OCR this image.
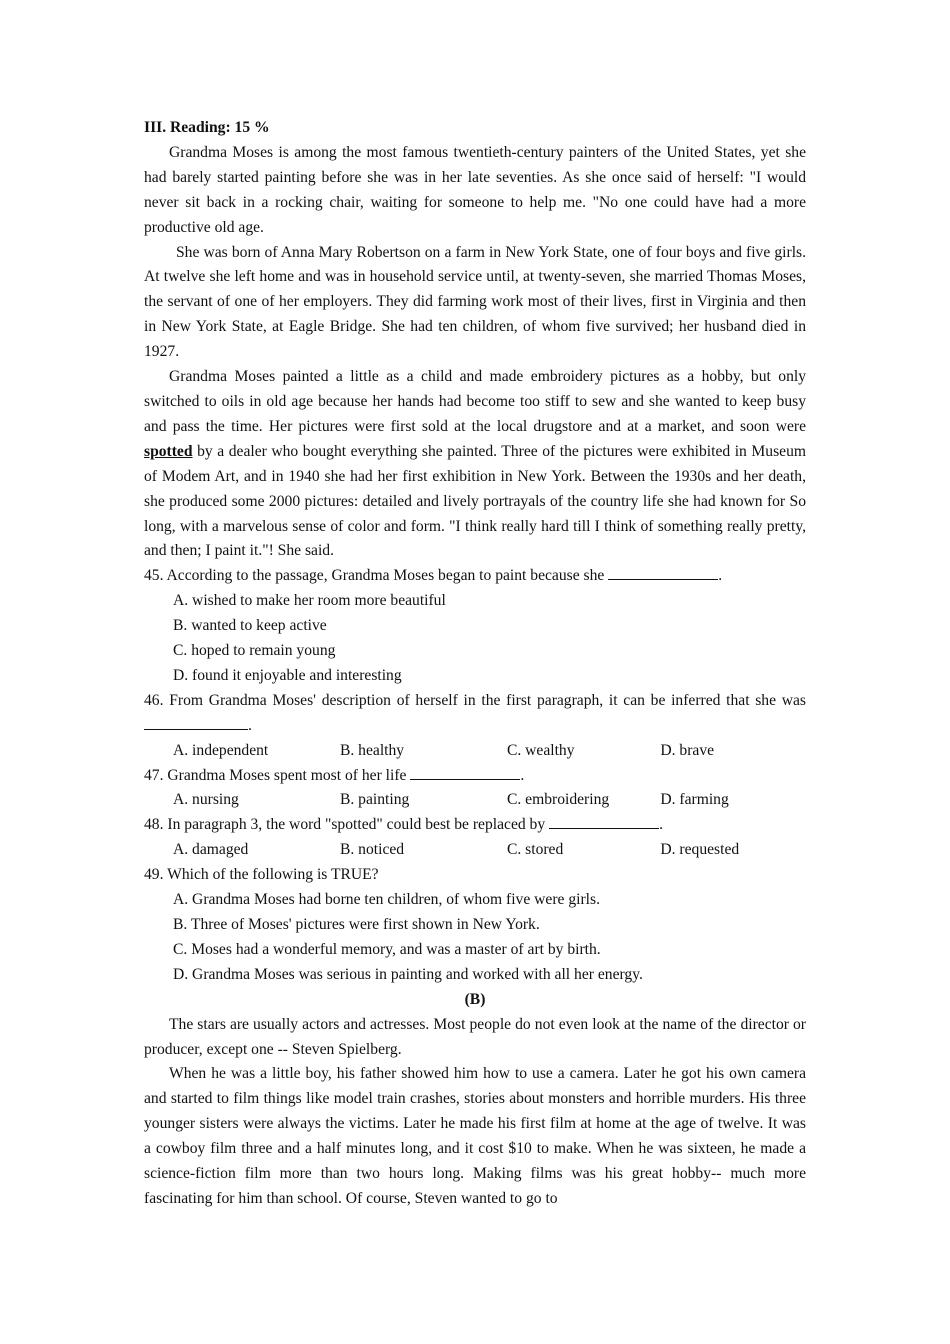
III. Reading: 15 %

Grandma Moses is among the most famous twentieth-century painters of the United States, yet she had barely started painting before she was in her late seventies. As she once said of herself: "I would never sit back in a rocking chair, waiting for someone to help me. "No one could have had a more productive old age.

She was born of Anna Mary Robertson on a farm in New York State, one of four boys and five girls. At twelve she left home and was in household service until, at twenty-seven, she married Thomas Moses, the servant of one of her employers. They did farming work most of their lives, first in Virginia and then in New York State, at Eagle Bridge. She had ten children, of whom five survived; her husband died in 1927.

Grandma Moses painted a little as a child and made embroidery pictures as a hobby, but only switched to oils in old age because her hands had become too stiff to sew and she wanted to keep busy and pass the time. Her pictures were first sold at the local drugstore and at a market, and soon were spotted by a dealer who bought everything she painted. Three of the pictures were exhibited in Museum of Modem Art, and in 1940 she had her first exhibition in New York. Between the 1930s and her death, she produced some 2000 pictures: detailed and lively portrayals of the country life she had known for So long, with a marvelous sense of color and form. "I think really hard till I think of something really pretty, and then; I paint it."! She said.

45. According to the passage, Grandma Moses began to paint because she	.
A. wished to make her room more beautiful
B. wanted to keep active
C. hoped to remain young
D. found it enjoyable and interesting
46. From Grandma Moses' description of herself in the first paragraph, it can be inferred that she was .
A. independent	B. healthy	C. wealthy	D. brave
47. Grandma Moses spent most of her life	.
A. nursing	B. painting	C. embroidering	D. farming
48. In paragraph 3, the word "spotted" could best be replaced by	.
A. damaged	B. noticed	C. stored	D. requested
49. Which of the following is TRUE?
A. Grandma Moses had borne ten children, of whom five were girls.
B. Three of Moses' pictures were first shown in New York.
C. Moses had a wonderful memory, and was a master of art by birth.
D. Grandma Moses was serious in painting and worked with all her energy.
(B)

The stars are usually actors and actresses. Most people do not even look at the name of the director or producer, except one -- Steven Spielberg.

When he was a little boy, his father showed him how to use a camera. Later he got his own camera and started to film things like model train crashes, stories about monsters and horrible murders. His three younger sisters were always the victims. Later he made his first film at home at the age of twelve. It was a cowboy film three and a half minutes long, and it cost $10 to make. When he was sixteen, he made a science-fiction film more than two hours long. Making films was his great hobby-- much more fascinating for him than school. Of course, Steven wanted to go to
